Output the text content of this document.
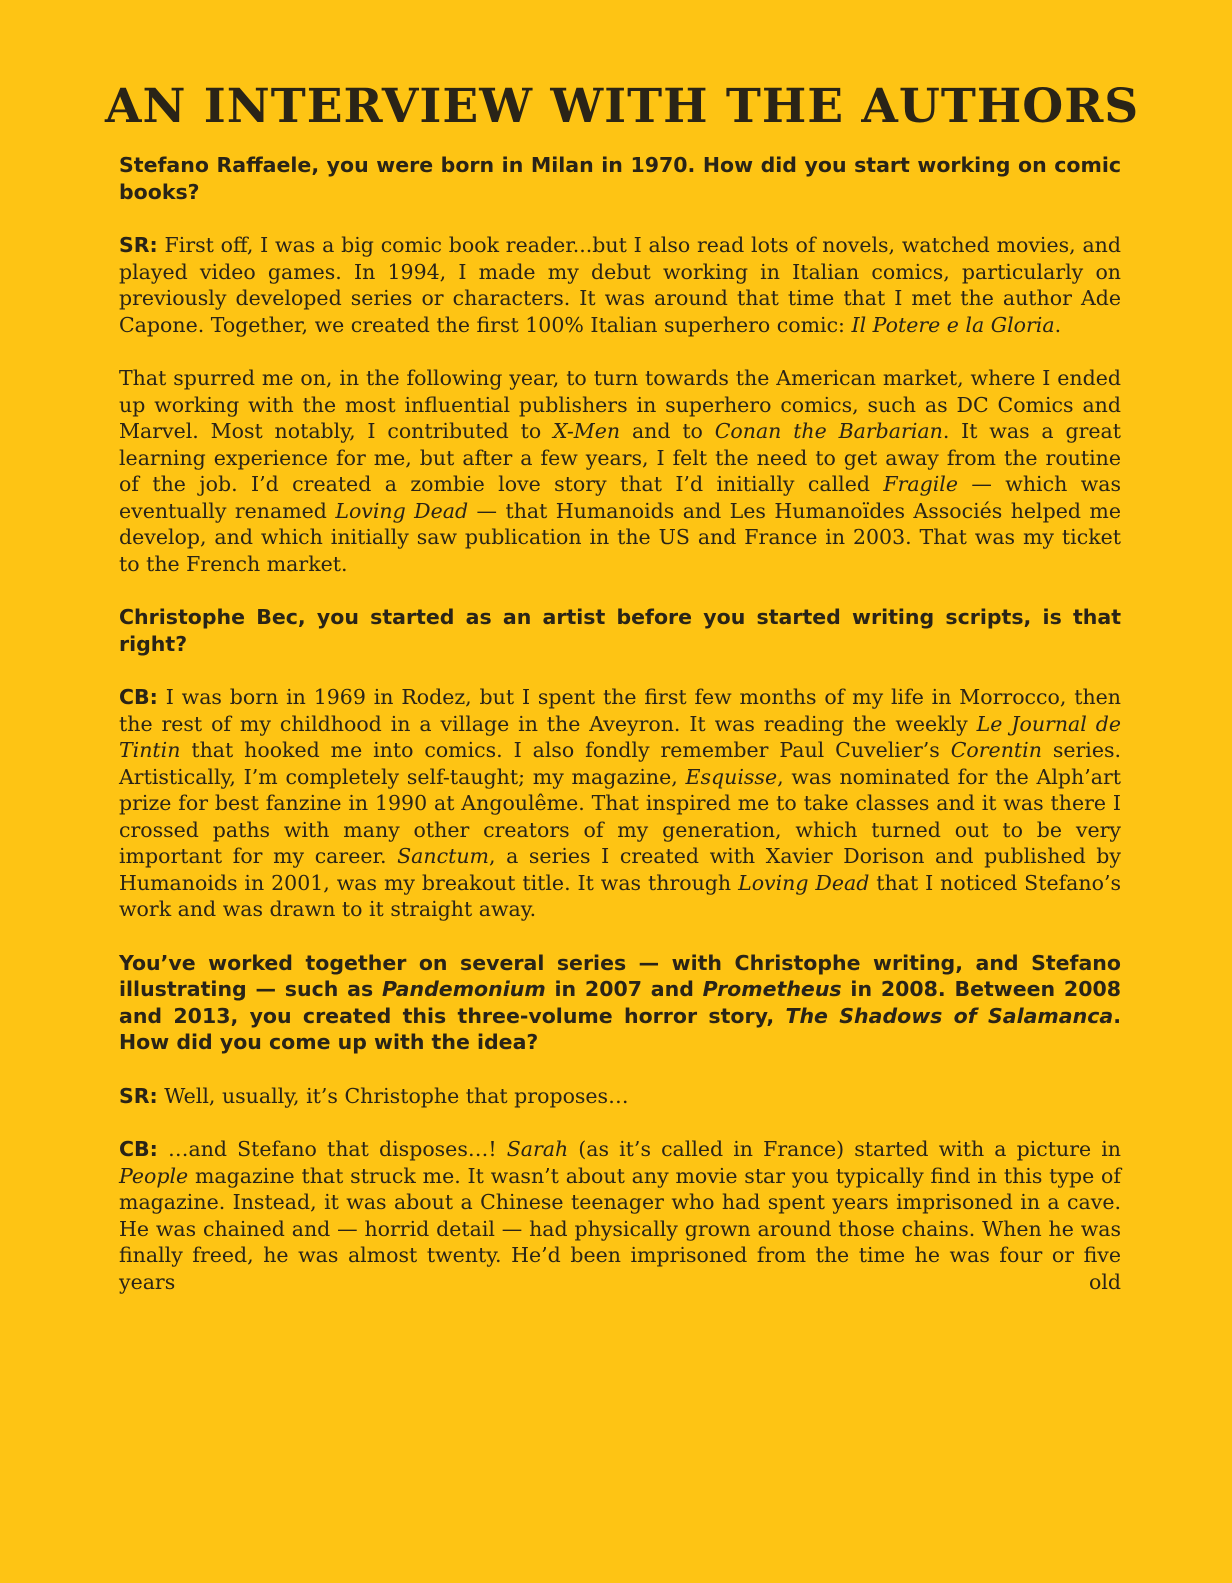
AN INTERVIEW WITH THE AUTHORS

Stefano Raffaele, you were born in Milan in 1970. How did you start working on comic books?

SR: First off, I was a big comic book reader...but I also read lots of novels, watched movies, and played video games. In 1994, I made my debut working in Italian comics, particularly on previously developed series or characters. It was around that time that I met the author Ade Capone. Together, we created the first 100% Italian superhero comic: Il Potere e la Gloria.

That spurred me on, in the following year, to turn towards the American market, where I ended up working with the most influential publishers in superhero comics, such as DC Comics and Marvel. Most notably, I contributed to X-Men and to Conan the Barbarian. It was a great learning experience for me, but after a few years, I felt the need to get away from the routine of the job. I’d created a zombie love story that I’d initially called Fragile — which was eventually renamed Loving Dead — that Humanoids and Les Humanoïdes Associés helped me develop, and which initially saw publication in the US and France in 2003. That was my ticket to the French market.

Christophe Bec, you started as an artist before you started writing scripts, is that right?

CB: I was born in 1969 in Rodez, but I spent the first few months of my life in Morrocco, then the rest of my childhood in a village in the Aveyron. It was reading the weekly Le Journal de Tintin that hooked me into comics. I also fondly remember Paul Cuvelier’s Corentin series. Artistically, I’m completely self-taught; my magazine, Esquisse, was nominated for the Alph’art prize for best fanzine in 1990 at Angoulême. That inspired me to take classes and it was there I crossed paths with many other creators of my generation, which turned out to be very important for my career. Sanctum, a series I created with Xavier Dorison and published by Humanoids in 2001, was my breakout title. It was through Loving Dead that I noticed Stefano’s work and was drawn to it straight away.

You’ve worked together on several series — with Christophe writing, and Stefano illustrating — such as Pandemonium in 2007 and Prometheus in 2008. Between 2008 and 2013, you created this three-volume horror story, The Shadows of Salamanca. How did you come up with the idea?

SR: Well, usually, it’s Christophe that proposes…

CB: …and Stefano that disposes…! Sarah (as it’s called in France) started with a picture in People magazine that struck me. It wasn’t about any movie star you typically find in this type of magazine. Instead, it was about a Chinese teenager who had spent years imprisoned in a cave. He was chained and — horrid detail — had physically grown around those chains. When he was finally freed, he was almost twenty. He’d been imprisoned from the time he was four or five years old
